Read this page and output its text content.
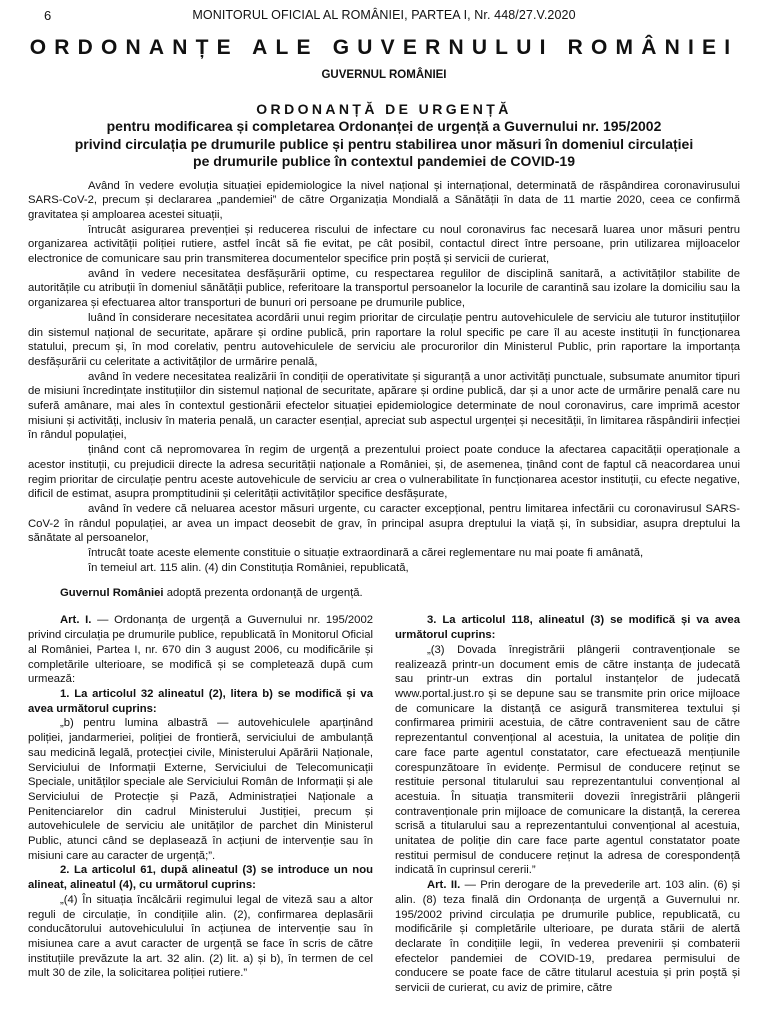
6	MONITORUL OFICIAL AL ROMÂNIEI, PARTEA I, Nr. 448/27.V.2020
ORDONANȚE ALE GUVERNULUI ROMÂNIEI
GUVERNUL ROMÂNIEI
ORDONANȚĂ DE URGENȚĂ

pentru modificarea și completarea Ordonanței de urgență a Guvernului nr. 195/2002
privind circulația pe drumurile publice și pentru stabilirea unor măsuri în domeniul circulației
pe drumurile publice în contextul pandemiei de COVID-19

Având în vedere evoluția situației epidemiologice la nivel național și internațional, determinată de răspândirea coronavirusului SARS-CoV-2, precum și declararea „pandemiei” de către Organizația Mondială a Sănătății în data de 11 martie 2020, ceea ce confirmă gravitatea și amploarea acestei situații,

întrucât asigurarea prevenției și reducerea riscului de infectare cu noul coronavirus fac necesară luarea unor măsuri pentru organizarea activității poliției rutiere, astfel încât să fie evitat, pe cât posibil, contactul direct între persoane, prin utilizarea mijloacelor electronice de comunicare sau prin transmiterea documentelor specifice prin poștă și servicii de curierat,

având în vedere necesitatea desfășurării optime, cu respectarea regulilor de disciplină sanitară, a activităților stabilite de autoritățile cu atribuții în domeniul sănătății publice, referitoare la transportul persoanelor la locurile de carantină sau izolare la domiciliu sau la organizarea și efectuarea altor transporturi de bunuri ori persoane pe drumurile publice,

luând în considerare necesitatea acordării unui regim prioritar de circulație pentru autovehiculele de serviciu ale tuturor instituțiilor din sistemul național de securitate, apărare și ordine publică, prin raportare la rolul specific pe care îl au aceste instituții în funcționarea statului, precum și, în mod corelativ, pentru autovehiculele de serviciu ale procurorilor din Ministerul Public, prin raportare la importanța desfășurării cu celeritate a activităților de urmărire penală,

având în vedere necesitatea realizării în condiții de operativitate și siguranță a unor activități punctuale, subsumate anumitor tipuri de misiuni încredințate instituțiilor din sistemul național de securitate, apărare și ordine publică, dar și a unor acte de urmărire penală care nu suferă amânare, mai ales în contextul gestionării efectelor situației epidemiologice determinate de noul coronavirus, care imprimă acestor misiuni și activități, inclusiv în materia penală, un caracter esențial, apreciat sub aspectul urgenței și necesității, în limitarea răspândirii infecției în rândul populației,

ținând cont că nepromovarea în regim de urgență a prezentului proiect poate conduce la afectarea capacității operaționale a acestor instituții, cu prejudicii directe la adresa securității naționale a României, și, de asemenea, ținând cont de faptul că neacordarea unui regim prioritar de circulație pentru aceste autovehicule de serviciu ar crea o vulnerabilitate în funcționarea acestor instituții, cu efecte negative, dificil de estimat, asupra promptitudinii și celerității activităților specifice desfășurate,

având în vedere că neluarea acestor măsuri urgente, cu caracter excepțional, pentru limitarea infectării cu coronavirusul SARS-CoV-2 în rândul populației, ar avea un impact deosebit de grav, în principal asupra dreptului la viață și, în subsidiar, asupra dreptului la sănătate al persoanelor,

întrucât toate aceste elemente constituie o situație extraordinară a cărei reglementare nu mai poate fi amânată,

în temeiul art. 115 alin. (4) din Constituția României, republicată,

Guvernul României adoptă prezenta ordonanță de urgență.

Art. I. — Ordonanța de urgență a Guvernului nr. 195/2002 privind circulația pe drumurile publice, republicată în Monitorul Oficial al României, Partea I, nr. 670 din 3 august 2006, cu modificările și completările ulterioare, se modifică și se completează după cum urmează:

1. La articolul 32 alineatul (2), litera b) se modifică și va avea următorul cuprins:

„b) pentru lumina albastră — autovehiculele aparținând poliției, jandarmeriei, poliției de frontieră, serviciului de ambulanță sau medicină legală, protecției civile, Ministerului Apărării Naționale, Serviciului de Informații Externe, Serviciului de Telecomunicații Speciale, unităților speciale ale Serviciului Român de Informații și ale Serviciului de Protecție și Pază, Administrației Naționale a Penitenciarelor din cadrul Ministerului Justiției, precum și autovehiculele de serviciu ale unităților de parchet din Ministerul Public, atunci când se deplasează în acțiuni de intervenție sau în misiuni care au caracter de urgență;”.

2. La articolul 61, după alineatul (3) se introduce un nou alineat, alineatul (4), cu următorul cuprins:

„(4) În situația încălcării regimului legal de viteză sau a altor reguli de circulație, în condițiile alin. (2), confirmarea deplasării conducătorului autovehiculului în acțiunea de intervenție sau în misiunea care a avut caracter de urgență se face în scris de către instituțiile prevăzute la art. 32 alin. (2) lit. a) și b), în termen de cel mult 30 de zile, la solicitarea poliției rutiere.”

3. La articolul 118, alineatul (3) se modifică și va avea următorul cuprins:

„(3) Dovada înregistrării plângerii contravenționale se realizează printr-un document emis de către instanța de judecată sau printr-un extras din portalul instanțelor de judecată www.portal.just.ro și se depune sau se transmite prin orice mijloace de comunicare la distanță ce asigură transmiterea textului și confirmarea primirii acestuia, de către contravenient sau de către reprezentantul convențional al acestuia, la unitatea de poliție din care face parte agentul constatator, care efectuează mențiunile corespunzătoare în evidențe. Permisul de conducere reținut se restituie personal titularului sau reprezentantului convențional al acestuia. În situația transmiterii dovezii înregistrării plângerii contravenționale prin mijloace de comunicare la distanță, la cererea scrisă a titularului sau a reprezentantului convențional al acestuia, unitatea de poliție din care face parte agentul constatator poate restitui permisul de conducere reținut la adresa de corespondență indicată în cuprinsul cererii.”

Art. II. — Prin derogare de la prevederile art. 103 alin. (6) și alin. (8) teza finală din Ordonanța de urgență a Guvernului nr. 195/2002 privind circulația pe drumurile publice, republicată, cu modificările și completările ulterioare, pe durata stării de alertă declarate în condițiile legii, în vederea prevenirii și combaterii efectelor pandemiei de COVID-19, predarea permisului de conducere se poate face de către titularul acestuia și prin poștă și servicii de curierat, cu aviz de primire, către
